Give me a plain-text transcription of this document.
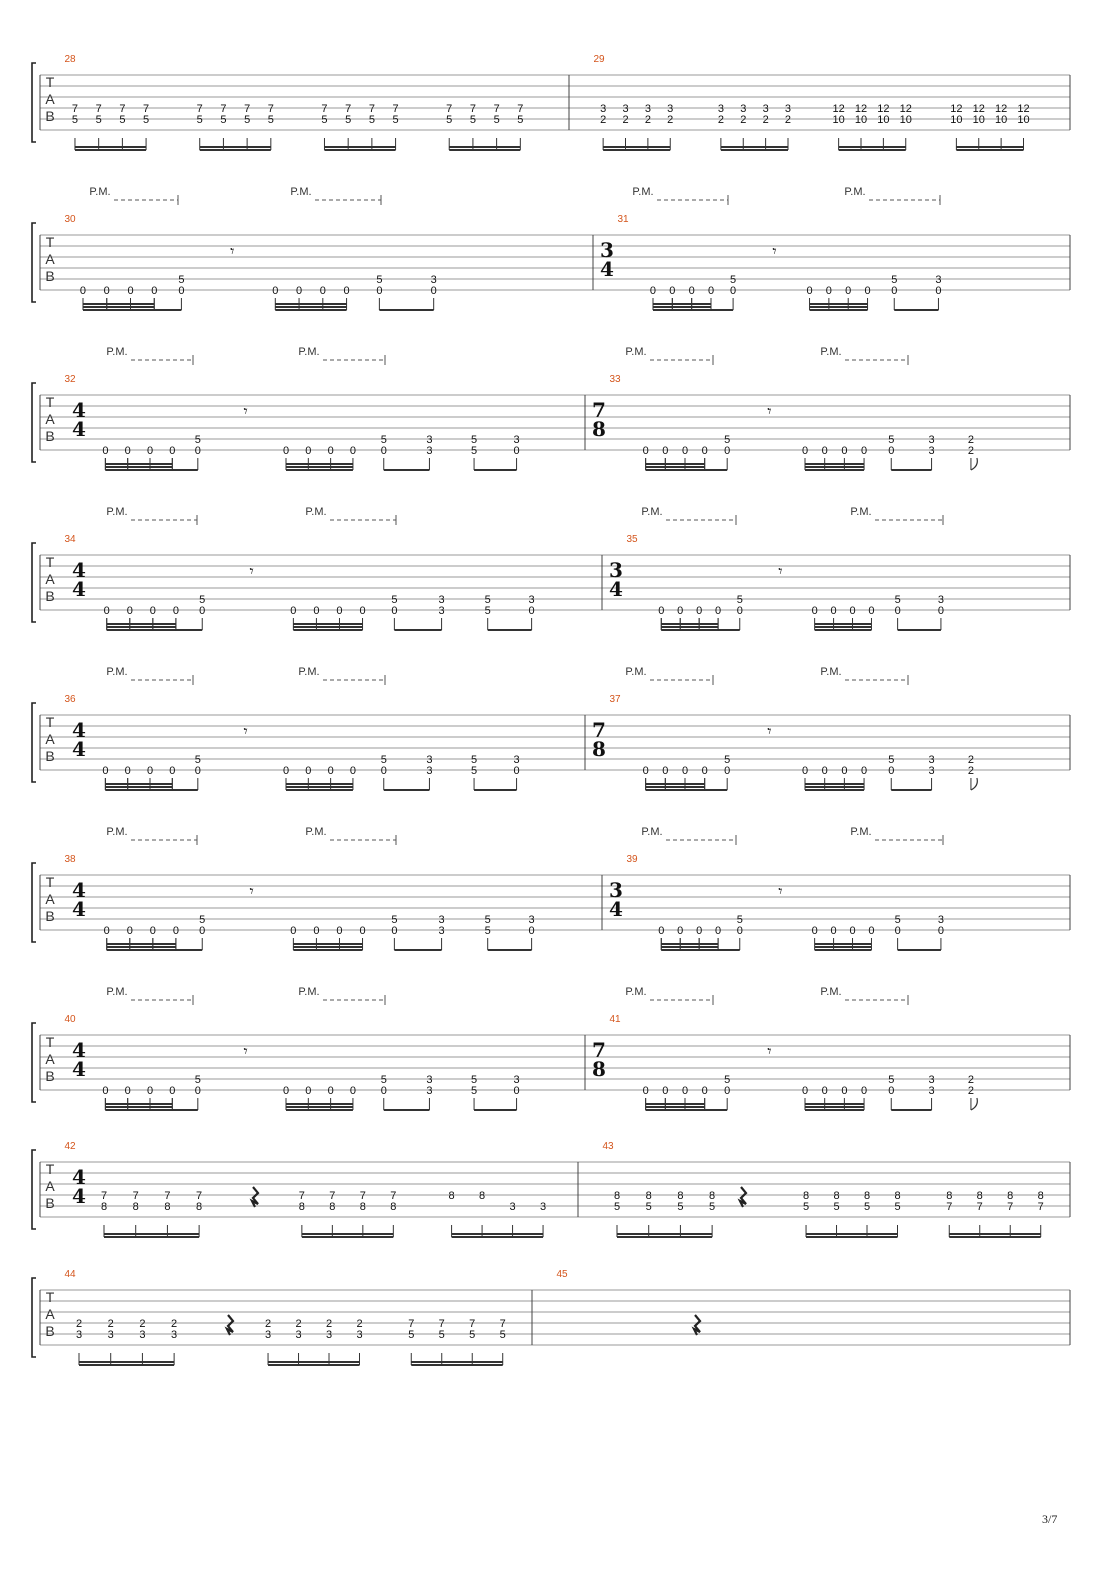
T
A
B
28
7
5
7
5
7
5
7
5
7
5
7
5
7
5
7
5
7
5
7
5
7
5
7
5
7
5
7
5
7
5
7
5
29
3
2
3
2
3
2
3
2
3
2
3
2
3
2
3
2
12
10
12
10
12
10
12
10
12
10
12
10
12
10
12
10
T
A
B
P.M.	P.M.	P.M.	P.M.
30
0 0 0 0
5
0
𝄾
0 0 0 0
5
0
3
0
31
3
4
0 0 0 0
5
0
𝄾
0 0 0 0
5
0
3
0
T
A
B
P.M.	P.M.	P.M.	P.M.
32
4
4
0 0 0 0
5
0
𝄾
0 0 0 0
5
0
3
3
5
5
3
0
33
7
8
0 0 0 0
5
0
𝄾
0 0 0 0
5
0
3
3
2
2
T
A
B
P.M.	P.M.	P.M.	P.M.
34
4
4
0 0 0 0
5
0
𝄾
0 0 0 0
5
0
3
3
5
5
3
0
35
3
4
0 0 0 0
5
0
𝄾
0 0 0 0
5
0
3
0
T
A
B
P.M.	P.M.	P.M.	P.M.
36
4
4
0 0 0 0
5
0
𝄾
0 0 0 0
5
0
3
3
5
5
3
0
37
7
8
0 0 0 0
5
0
𝄾
0 0 0 0
5
0
3
3
2
2
T
A
B
P.M.	P.M.	P.M.	P.M.
38
4
4
0 0 0 0
5
0
𝄾
0 0 0 0
5
0
3
3
5
5
3
0
39
3
4
0 0 0 0
5
0
𝄾
0 0 0 0
5
0
3
0
T
A
B
P.M.	P.M.	P.M.	P.M.
40
4
4
0 0 0 0
5
0
𝄾
0 0 0 0
5
0
3
3
5
5
3
0
41
7
8
0 0 0 0
5
0
𝄾
0 0 0 0
5
0
3
3
2
2
T
A
B
42
4
4 7
8
7
8
7
8
7
8
7
8
7
8
7
8
7
8
8 8
3 3
43
8
5
8
5
8
5
8
5
8
5
8
5
8
5
8
5
8
7
8
7
8
7
8
7
T
A
B
44
2
3
2
3
2
3
2
3
2
3
2
3
2
3
2
3
7
5
7
5
7
5
7
5
45
3/7
